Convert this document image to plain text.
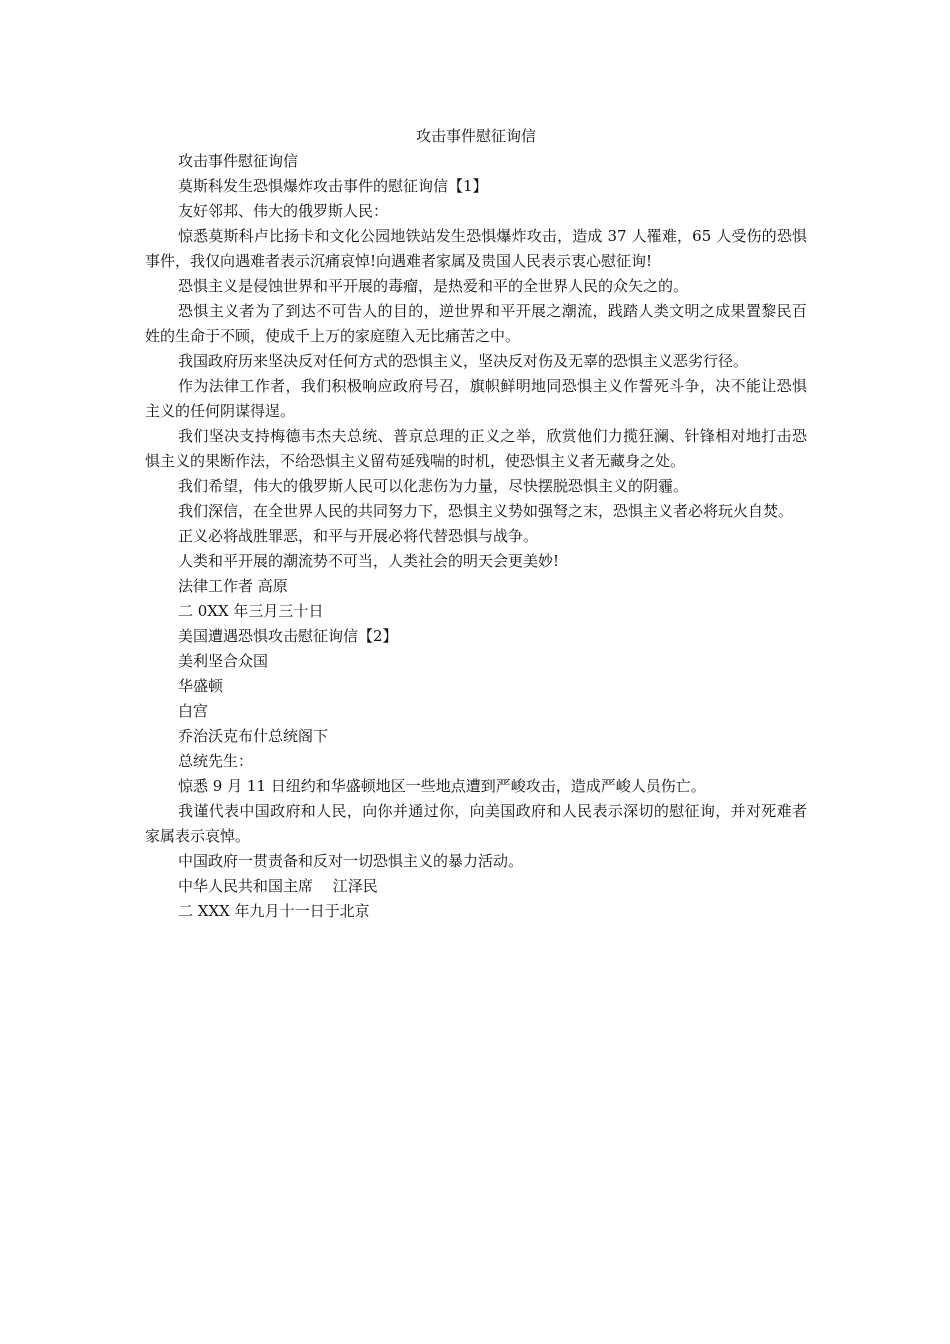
攻击事件慰征询信

攻击事件慰征询信

莫斯科发生恐惧爆炸攻击事件的慰征询信【1】

友好邻邦、伟大的俄罗斯人民：

惊悉莫斯科卢比扬卡和文化公园地铁站发生恐惧爆炸攻击，造成 37 人罹难，65 人受伤的恐惧事件，我仅向遇难者表示沉痛哀悼!向遇难者家属及贵国人民表示衷心慰征询!

恐惧主义是侵蚀世界和平开展的毒瘤，是热爱和平的全世界人民的众矢之的。

恐惧主义者为了到达不可告人的目的，逆世界和平开展之潮流，践踏人类文明之成果置黎民百姓的生命于不顾，使成千上万的家庭堕入无比痛苦之中。

我国政府历来坚决反对任何方式的恐惧主义，坚决反对伤及无辜的恐惧主义恶劣行径。

作为法律工作者，我们积极响应政府号召，旗帜鲜明地同恐惧主义作誓死斗争，决不能让恐惧主义的任何阴谋得逞。

我们坚决支持梅德韦杰夫总统、普京总理的正义之举，欣赏他们力揽狂澜、针锋相对地打击恐惧主义的果断作法，不给恐惧主义留苟延残喘的时机，使恐惧主义者无藏身之处。

我们希望，伟大的俄罗斯人民可以化悲伤为力量，尽快摆脱恐惧主义的阴霾。

我们深信，在全世界人民的共同努力下，恐惧主义势如强弩之末，恐惧主义者必将玩火自焚。

正义必将战胜罪恶，和平与开展必将代替恐惧与战争。

人类和平开展的潮流势不可当，人类社会的明天会更美妙!

法律工作者 高原

二 0XX 年三月三十日

美国遭遇恐惧攻击慰征询信【2】

美利坚合众国

华盛顿

白宫

乔治沃克布什总统阁下

总统先生：

惊悉 9 月 11 日纽约和华盛顿地区一些地点遭到严峻攻击，造成严峻人员伤亡。

我谨代表中国政府和人民，向你并通过你，向美国政府和人民表示深切的慰征询，并对死难者家属表示哀悼。

中国政府一贯责备和反对一切恐惧主义的暴力活动。

中华人民共和国主席　 江泽民

二 XXX 年九月十一日于北京
